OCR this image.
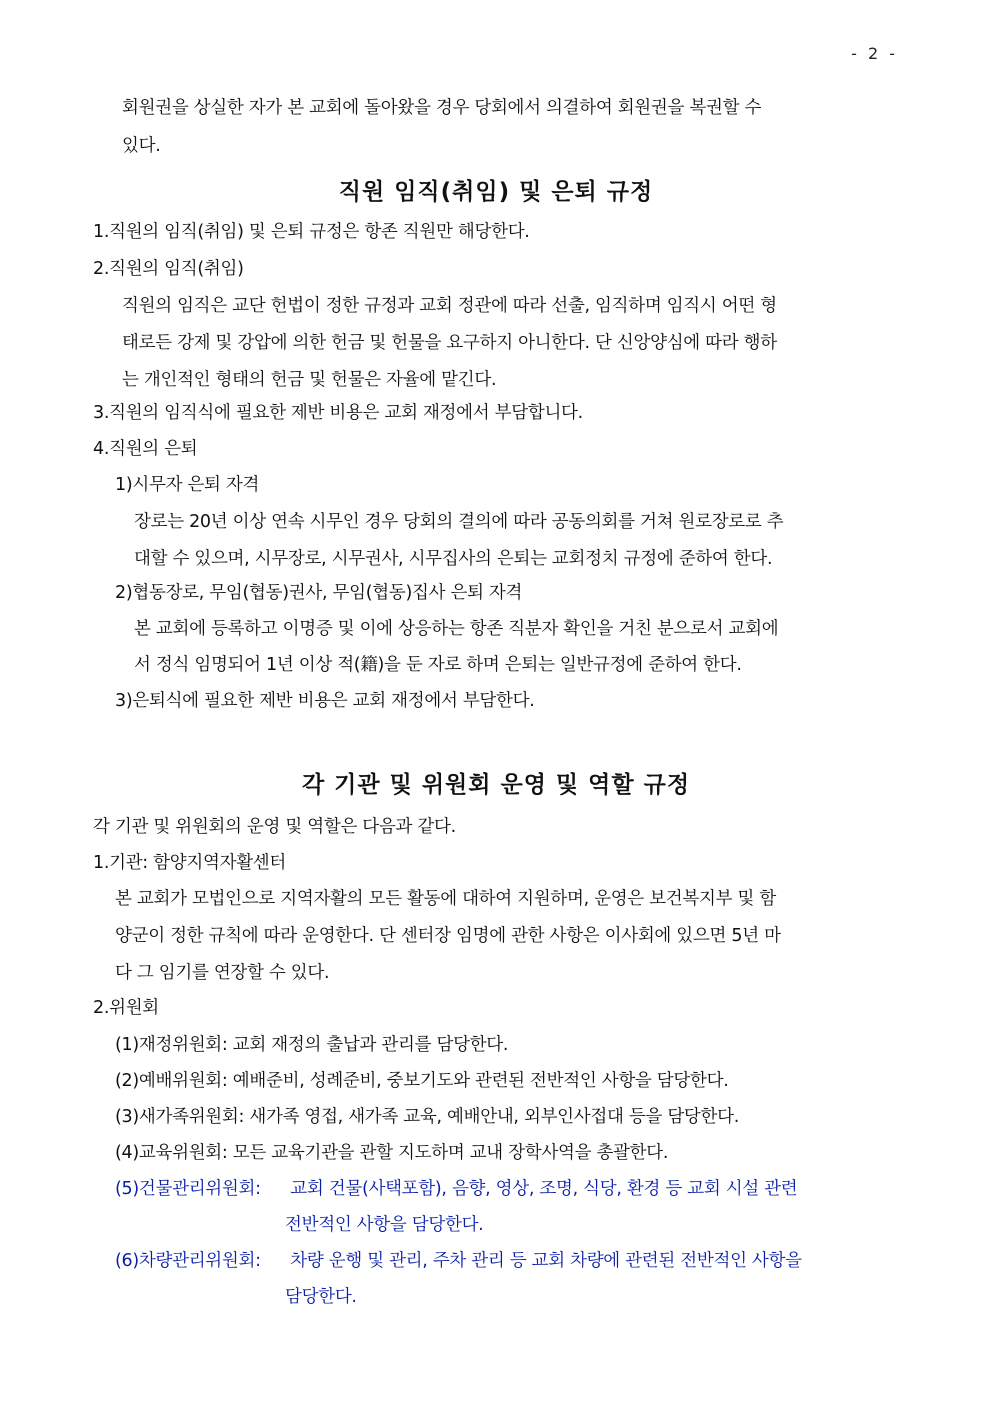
- 2 -
회원권을 상실한 자가 본 교회에 돌아왔을 경우 당회에서 의결하여 회원권을 복권할 수
있다.
직원 임직(취임) 및 은퇴 규정
1.직원의 임직(취임) 및 은퇴 규정은 항존 직원만 해당한다.
2.직원의 임직(취임)
직원의 임직은 교단 헌법이 정한 규정과 교회 정관에 따라 선출, 임직하며 임직시 어떤 형
태로든 강제 및 강압에 의한 헌금 및 헌물을 요구하지 아니한다. 단 신앙양심에 따라 행하
는 개인적인 형태의 헌금 및 헌물은 자율에 맡긴다.
3.직원의 임직식에 필요한 제반 비용은 교회 재정에서 부담합니다.
4.직원의 은퇴
1)시무자 은퇴 자격
장로는 20년 이상 연속 시무인 경우 당회의 결의에 따라 공동의회를 거쳐 원로장로로 추
대할 수 있으며, 시무장로, 시무권사, 시무집사의 은퇴는 교회정치 규정에 준하여 한다.
2)협동장로, 무임(협동)권사, 무임(협동)집사 은퇴 자격
본 교회에 등록하고 이명증 및 이에 상응하는 항존 직분자 확인을 거친 분으로서 교회에
서 정식 임명되어 1년 이상 적(籍)을 둔 자로 하며 은퇴는 일반규정에 준하여 한다.
3)은퇴식에 필요한 제반 비용은 교회 재정에서 부담한다.
각 기관 및 위원회 운영 및 역할 규정
각 기관 및 위원회의 운영 및 역할은 다음과 같다.
1.기관: 함양지역자활센터
본 교회가 모법인으로 지역자활의 모든 활동에 대하여 지원하며, 운영은 보건복지부 및 함
양군이 정한 규칙에 따라 운영한다. 단 센터장 임명에 관한 사항은 이사회에 있으면 5년 마
다 그 임기를 연장할 수 있다.
2.위원회
(1)재정위원회: 교회 재정의 출납과 관리를 담당한다.
(2)예배위원회: 예배준비, 성례준비, 중보기도와 관련된 전반적인 사항을 담당한다.
(3)새가족위원회: 새가족 영접, 새가족 교육, 예배안내, 외부인사접대 등을 담당한다.
(4)교육위원회: 모든 교육기관을 관할 지도하며 교내 장학사역을 총괄한다.
(5)건물관리위원회: 교회 건물(사택포함), 음향, 영상, 조명, 식당, 환경 등 교회 시설 관련
전반적인 사항을 담당한다.
(6)차량관리위원회: 차량 운행 및 관리, 주차 관리 등 교회 차량에 관련된 전반적인 사항을
담당한다.
